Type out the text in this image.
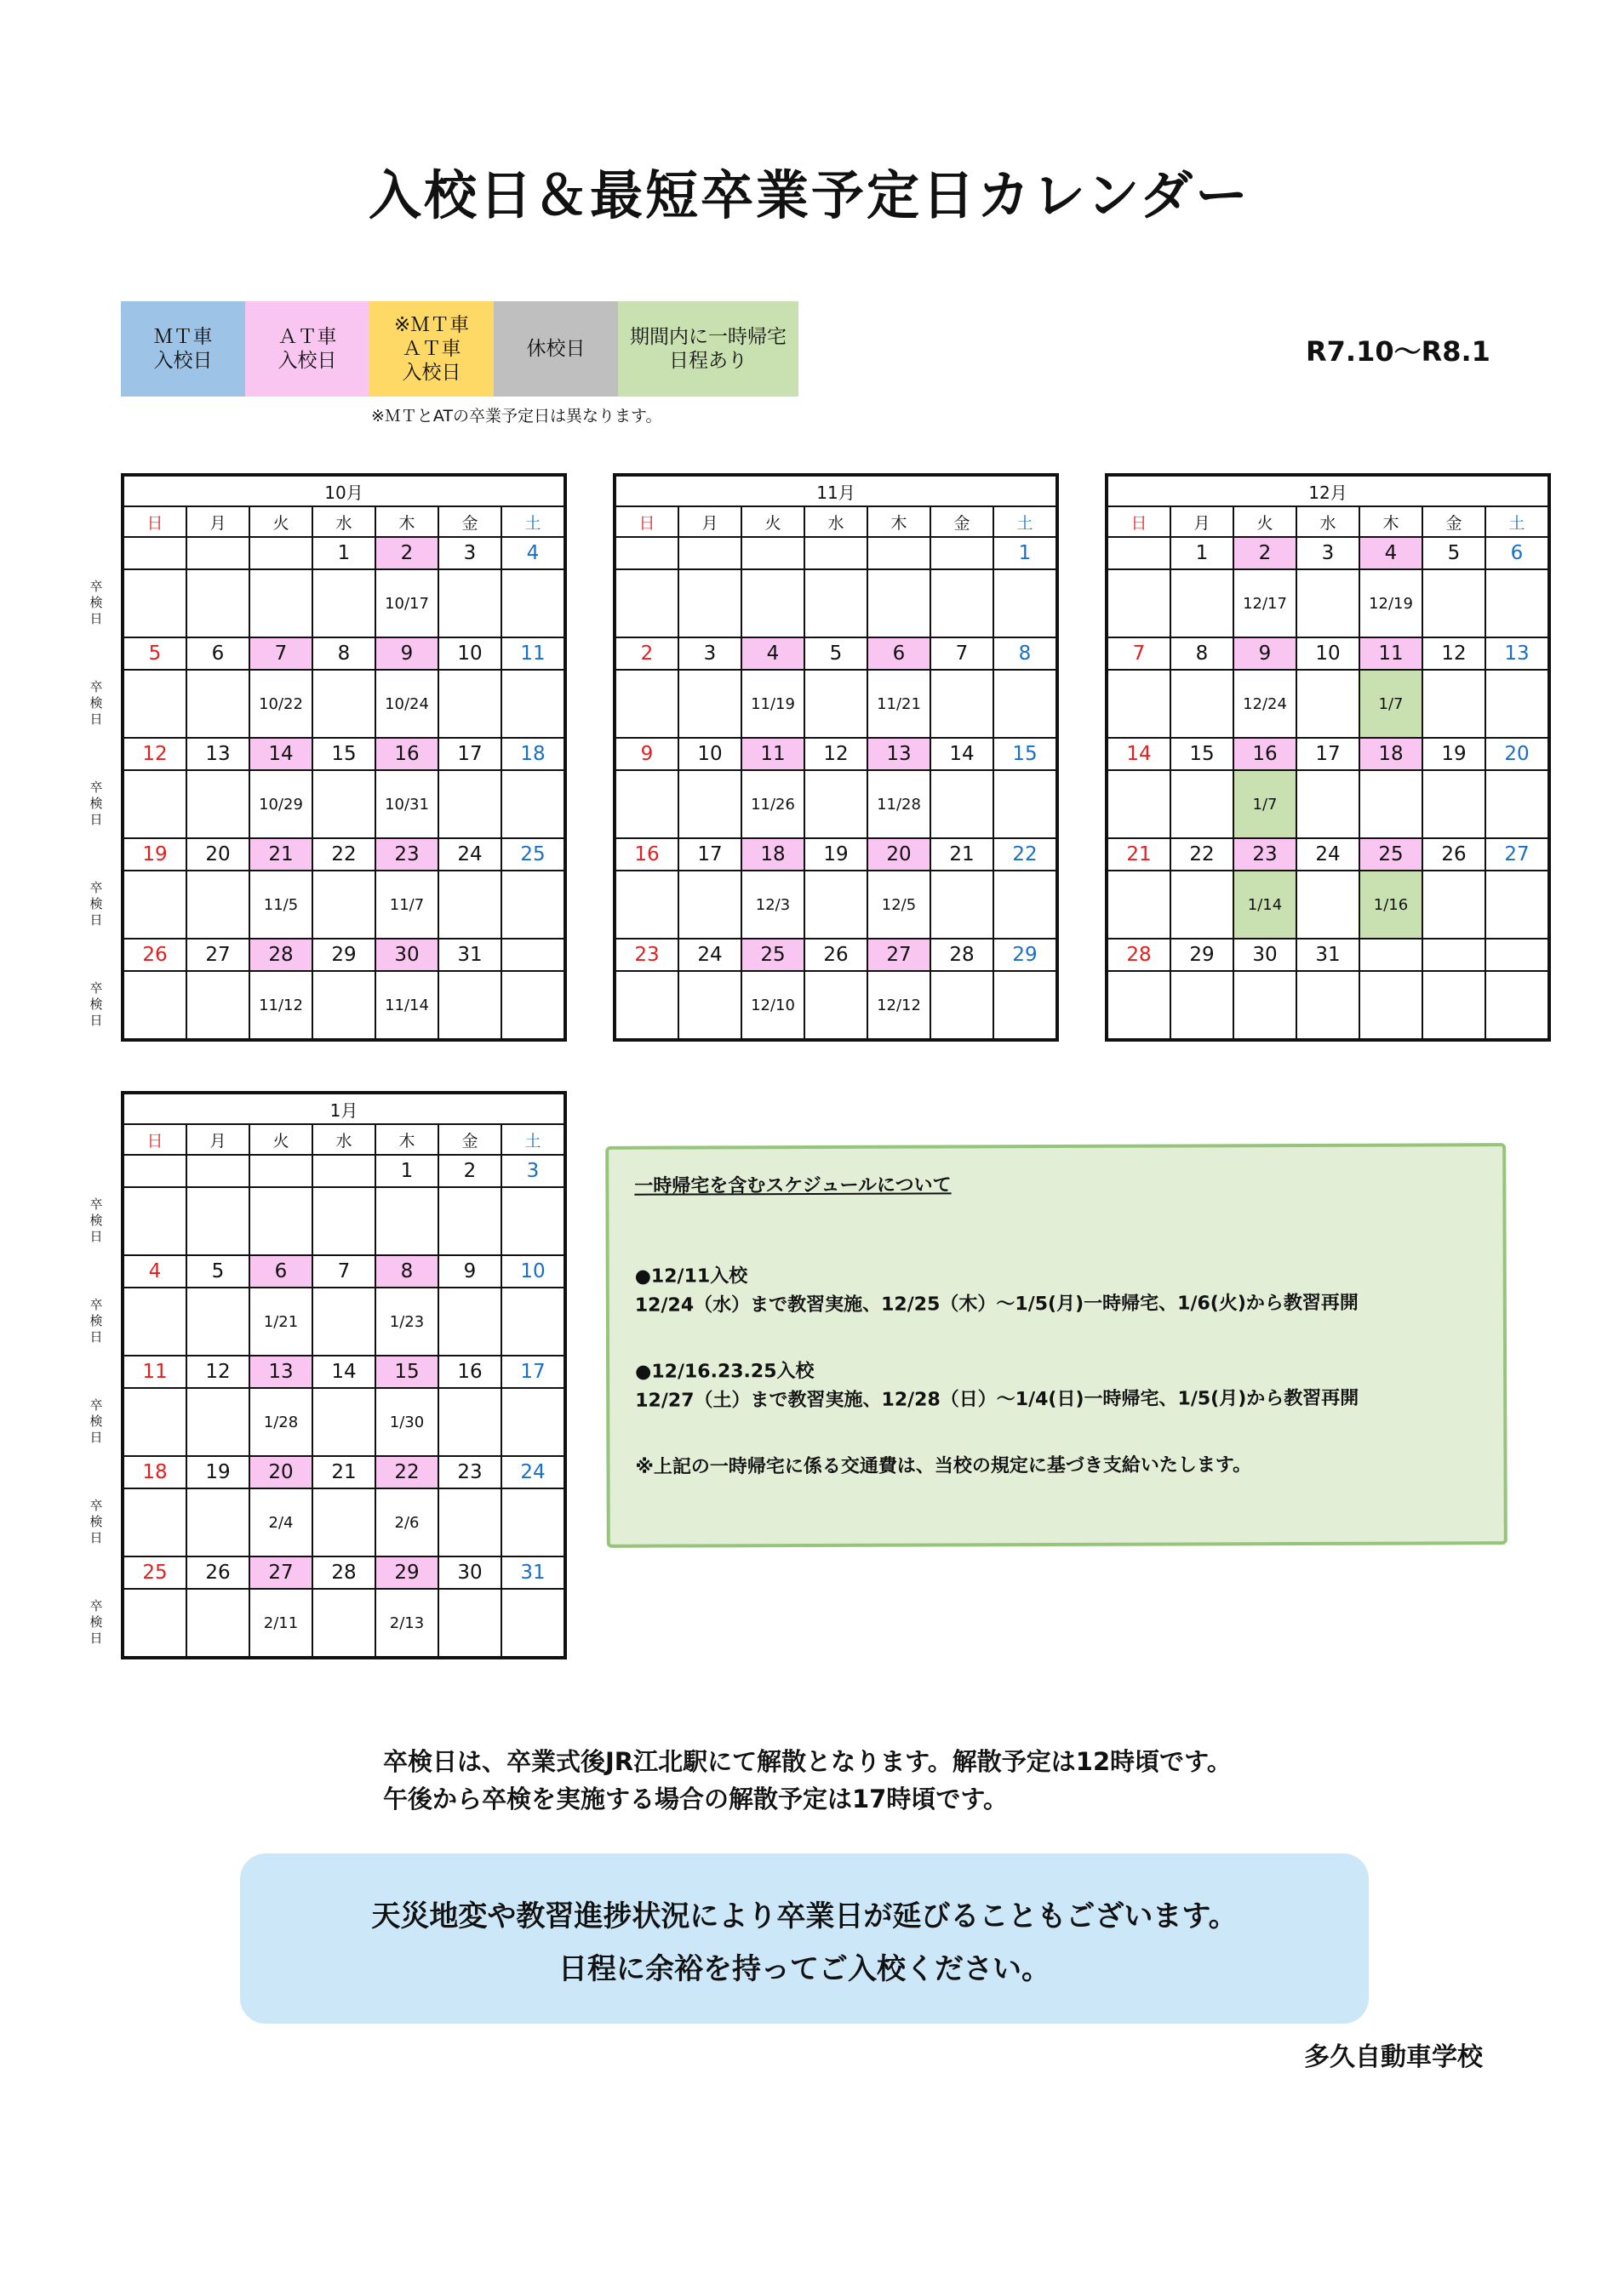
入校日＆最短卒業予定日カレンダー
ＭＴ車
入校日
ＡＴ車
入校日
※ＭＴ車
ＡＴ車
入校日
休校日
期間内に一時帰宅
日程あり
※ＭＴとATの卒業予定日は異なります。
R7.10～R8.1
10月						
日	月	火	水	木	金	土
			1	2	3	4
				10/17		
5	6	7	8	9	10	11
		10/22		10/24		
12	13	14	15	16	17	18
		10/29		10/31		
19	20	21	22	23	24	25
		11/5		11/7		
26	27	28	29	30	31	
		11/12		11/14		
11月						
日	月	火	水	木	金	土
						1

2	3	4	5	6	7	8
		11/19		11/21		
9	10	11	12	13	14	15
		11/26		11/28		
16	17	18	19	20	21	22
		12/3		12/5		
23	24	25	26	27	28	29
		12/10		12/12		
12月						
日	月	火	水	木	金	土
	1	2	3	4	5	6
		12/17		12/19		
7	8	9	10	11	12	13
		12/24		1/7		
14	15	16	17	18	19	20
		1/7				
21	22	23	24	25	26	27
		1/14		1/16		
28	29	30	31			

1月						
日	月	火	水	木	金	土
				1	2	3

4	5	6	7	8	9	10
		1/21		1/23		
11	12	13	14	15	16	17
		1/28		1/30		
18	19	20	21	22	23	24
		2/4		2/6		
25	26	27	28	29	30	31
		2/11		2/13		
一時帰宅を含むスケジュールについて
●12/11入校
12/24（水）まで教習実施、12/25（木）～1/5(月)一時帰宅、1/6(火)から教習再開
●12/16.23.25入校
12/27（土）まで教習実施、12/28（日）～1/4(日)一時帰宅、1/5(月)から教習再開
※上記の一時帰宅に係る交通費は、当校の規定に基づき支給いたします。
卒検日は、卒業式後JR江北駅にて解散となります。解散予定は12時頃です。
午後から卒検を実施する場合の解散予定は17時頃です。
天災地変や教習進捗状況により卒業日が延びることもございます。
日程に余裕を持ってご入校ください。
多久自動車学校
卒
検
日
卒
検
日
卒
検
日
卒
検
日
卒
検
日
卒
検
日
卒
検
日
卒
検
日
卒
検
日
卒
検
日
